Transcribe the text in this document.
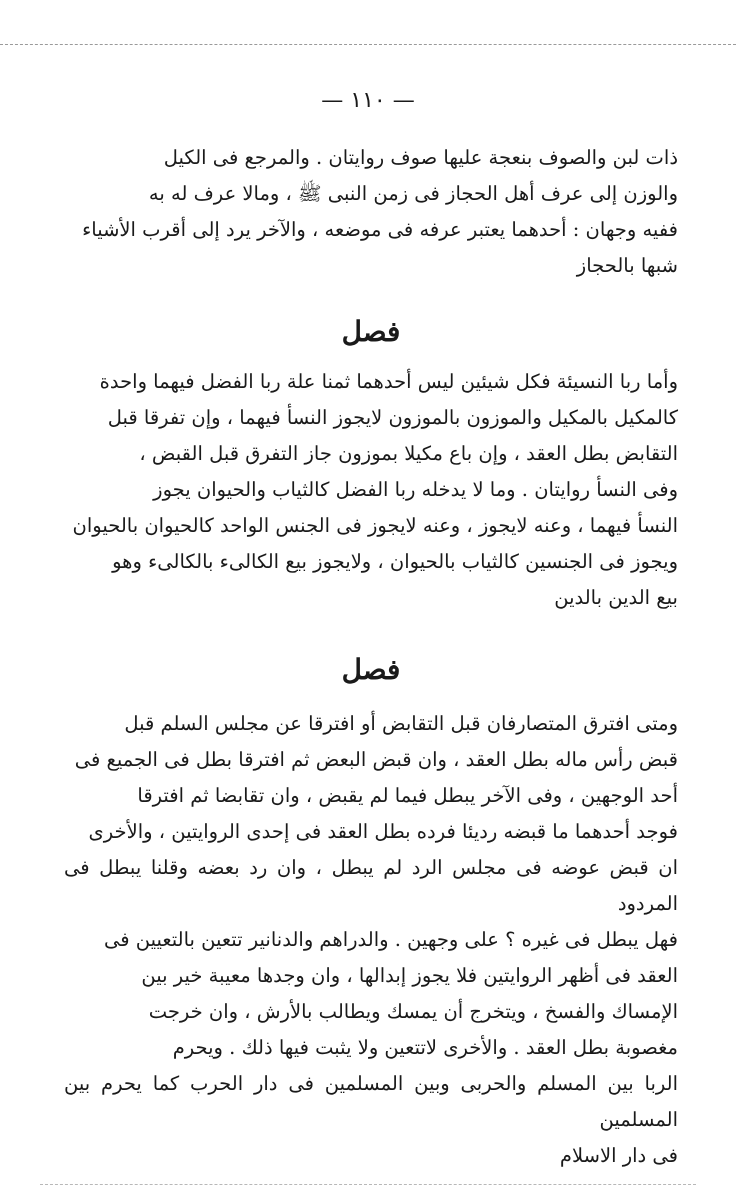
— ١١٠ —

ذات لبن والصوف بنعجة عليها صوف روايتان . والمرجع فى الكيل

والوزن إلى عرف أهل الحجاز فى زمن النبى ﷺ ، ومالا عرف له به

ففيه وجهان : أحدهما يعتبر عرفه فى موضعه ، والآخر يرد إلى أقرب الأشياء

شبها بالحجاز

فصل

وأما ربا النسيئة فكل شيئين ليس أحدهما ثمنا علة ربا الفضل فيهما واحدة

كالمكيل بالمكيل والموزون بالموزون لايجوز النسأ فيهما ، وإن تفرقا قبل

التقابض بطل العقد ، وإن باع مكيلا بموزون جاز التفرق قبل القبض ،

وفى النسأ روايتان . وما لا يدخله ربا الفضل كالثياب والحيوان يجوز

النسأ فيهما ، وعنه لايجوز ، وعنه لايجوز فى الجنس الواحد كالحيوان بالحيوان

ويجوز فى الجنسين كالثياب بالحيوان ، ولايجوز بيع الكالىء بالكالىء وهو

بيع الدين بالدين

فصل

ومتى افترق المتصارفان قبل التقابض أو افترقا عن مجلس السلم قبل

قبض رأس ماله بطل العقد ، وان قبض البعض ثم افترقا بطل فى الجميع فى

أحد الوجهين ، وفى الآخر يبطل فيما لم يقبض ، وان تقابضا ثم افترقا

فوجد أحدهما ما قبضه رديئا فرده بطل العقد فى إحدى الروايتين ، والأخرى

ان قبض عوضه فى مجلس الرد لم يبطل ، وان رد بعضه وقلنا يبطل فى المردود

فهل يبطل فى غيره ؟ على وجهين . والدراهم والدنانير تتعين بالتعيين فى

العقد فى أظهر الروايتين فلا يجوز إبدالها ، وان وجدها معيبة خير بين

الإمساك والفسخ ، ويتخرج أن يمسك ويطالب بالأرش ، وان خرجت

مغصوبة بطل العقد . والأخرى لاتتعين ولا يثبت فيها ذلك . ويحرم

الربا بين المسلم والحربى وبين المسلمين فى دار الحرب كما يحرم بين المسلمين

فى دار الاسلام
